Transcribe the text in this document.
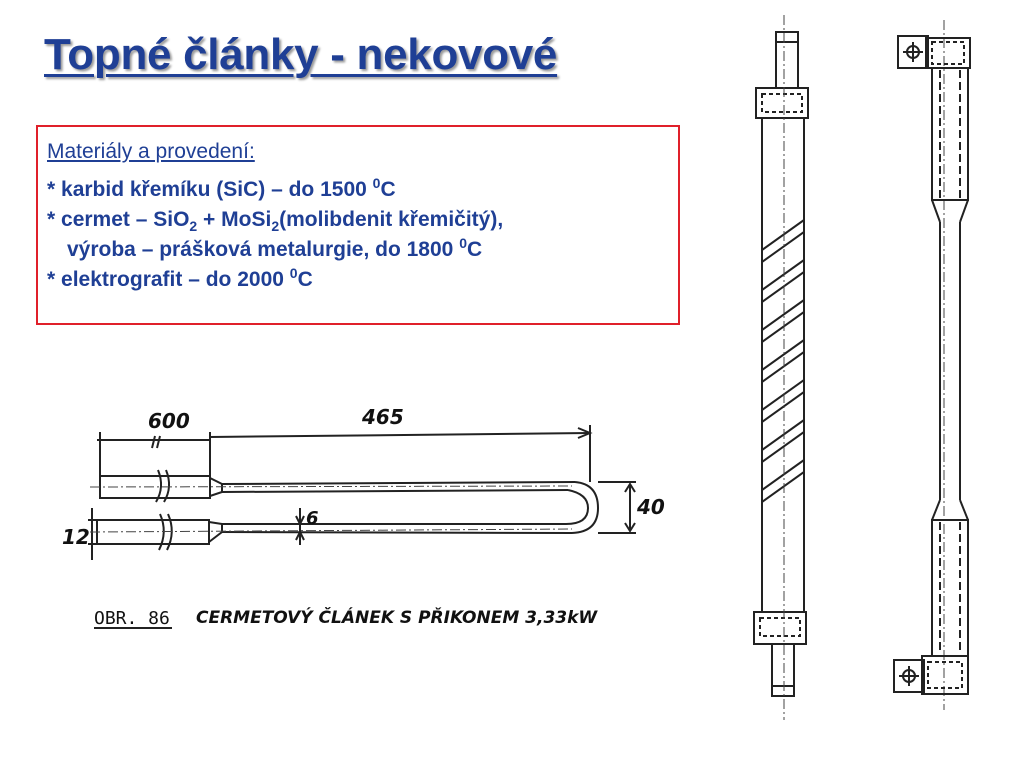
Topné články - nekovové
Materiály a provedení:
* karbid křemíku (SiC) – do 1500 $^0$C
* cermet – SiO$_2$ + MoSi$_2$(molibdenit křemičitý),
výroba – prášková metalurgie, do 1800 $^0$C
* elektrografit – do 2000 $^0$C
600	465
40
12
6
OBR. 86 CERMETOVÝ ČLÁNEK S PŘIKONEM 3,33kW
